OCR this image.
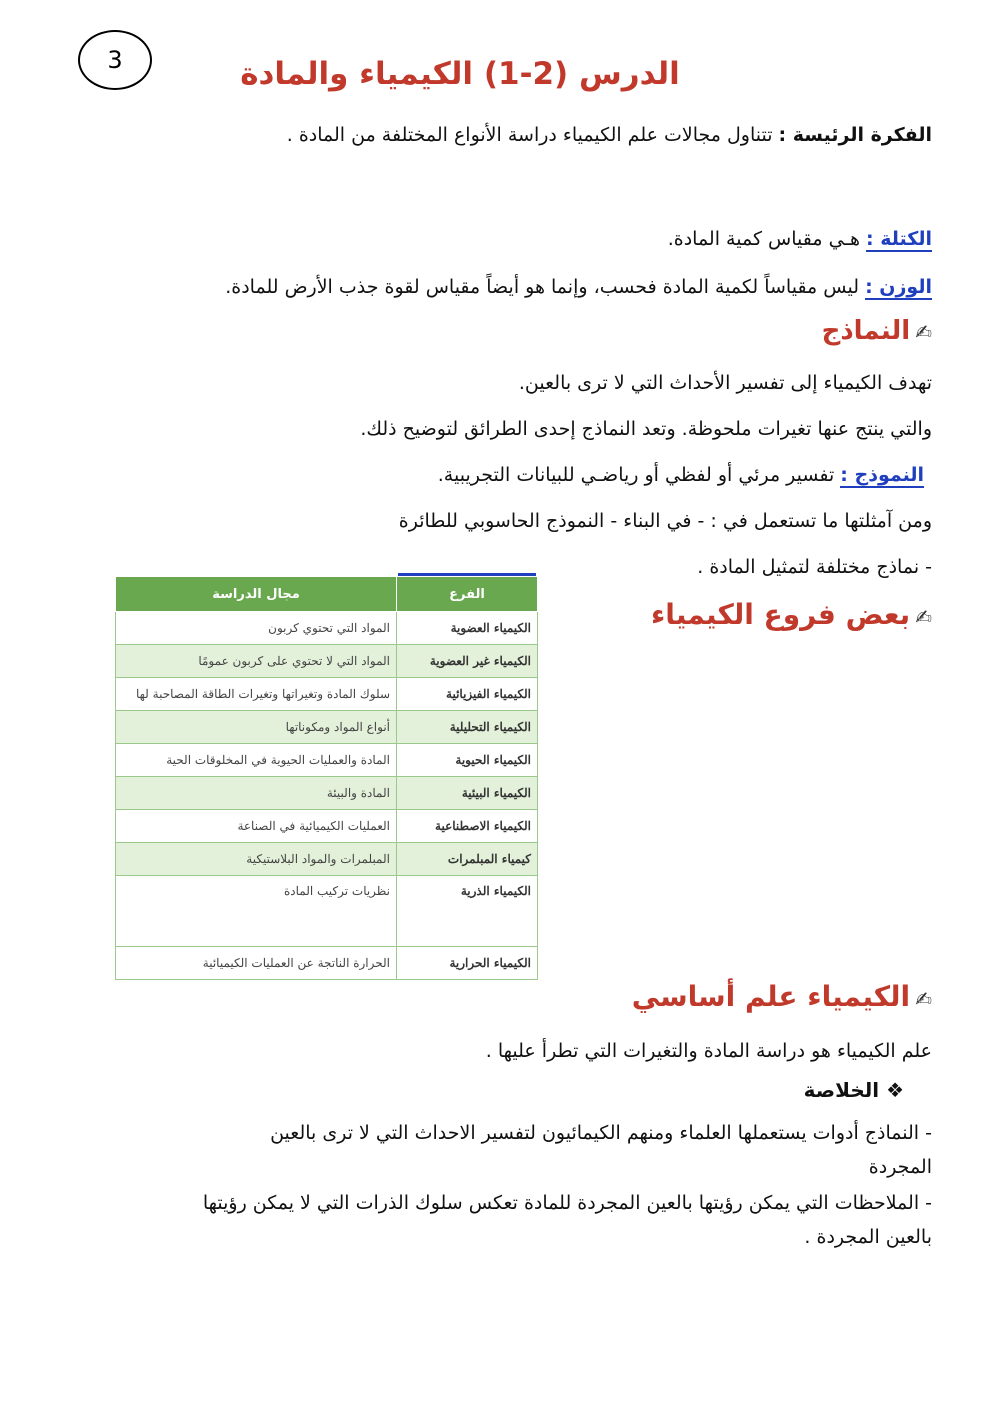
3	الدرس (2-1) الكيمياء والمادة
الفكرة الرئيسة : تتناول مجالات علم الكيمياء دراسة الأنواع المختلفة من المادة .
الكتلة : هـي مقياس كمية المادة.
الوزن : ليس مقياساً لكمية المادة فحسب، وإنما هو أيضاً مقياس لقوة جذب الأرض للمادة.
✍ النماذج
تهدف الكيمياء إلى تفسير الأحداث التي لا ترى بالعين.
والتي ينتج عنها تغيرات ملحوظة. وتعد النماذج إحدى الطرائق لتوضيح ذلك.
النموذج : تفسير مرئي أو لفظي أو رياضـي للبيانات التجريبية.
ومن آمثلتها ما تستعمل في : - في البناء - النموذج الحاسوبي للطائرة
- نماذج مختلفة لتمثيل المادة .
✍ بعض فروع الكيمياء
الفرع	مجال الدراسة
الكيمياء العضوية	المواد التي تحتوي كربون
الكيمياء غير العضوية	المواد التي لا تحتوي على كربون عمومًا
الكيمياء الفيزيائية	سلوك المادة وتغيراتها وتغيرات الطاقة المصاحبة لها
الكيمياء التحليلية	أنواع المواد ومكوناتها
الكيمياء الحيوية	المادة والعمليات الحيوية في المخلوقات الحية
الكيمياء البيئية	المادة والبيئة
الكيمياء الاصطناعية	العمليات الكيميائية في الصناعة
كيمياء المبلمرات	المبلمرات والمواد البلاستيكية
الكيمياء الذرية	نظريات تركيب المادة
الكيمياء الحرارية	الحرارة الناتجة عن العمليات الكيميائية
✍ الكيمياء علم أساسي
علم الكيمياء هو دراسة المادة والتغيرات التي تطرأ عليها .
❖ الخلاصة
- النماذج أدوات يستعملها العلماء ومنهم الكيمائيون لتفسير الاحداث التي لا ترى بالعين
المجردة
- الملاحظات التي يمكن رؤيتها بالعين المجردة للمادة تعكس سلوك الذرات التي لا يمكن رؤيتها
بالعين المجردة .
